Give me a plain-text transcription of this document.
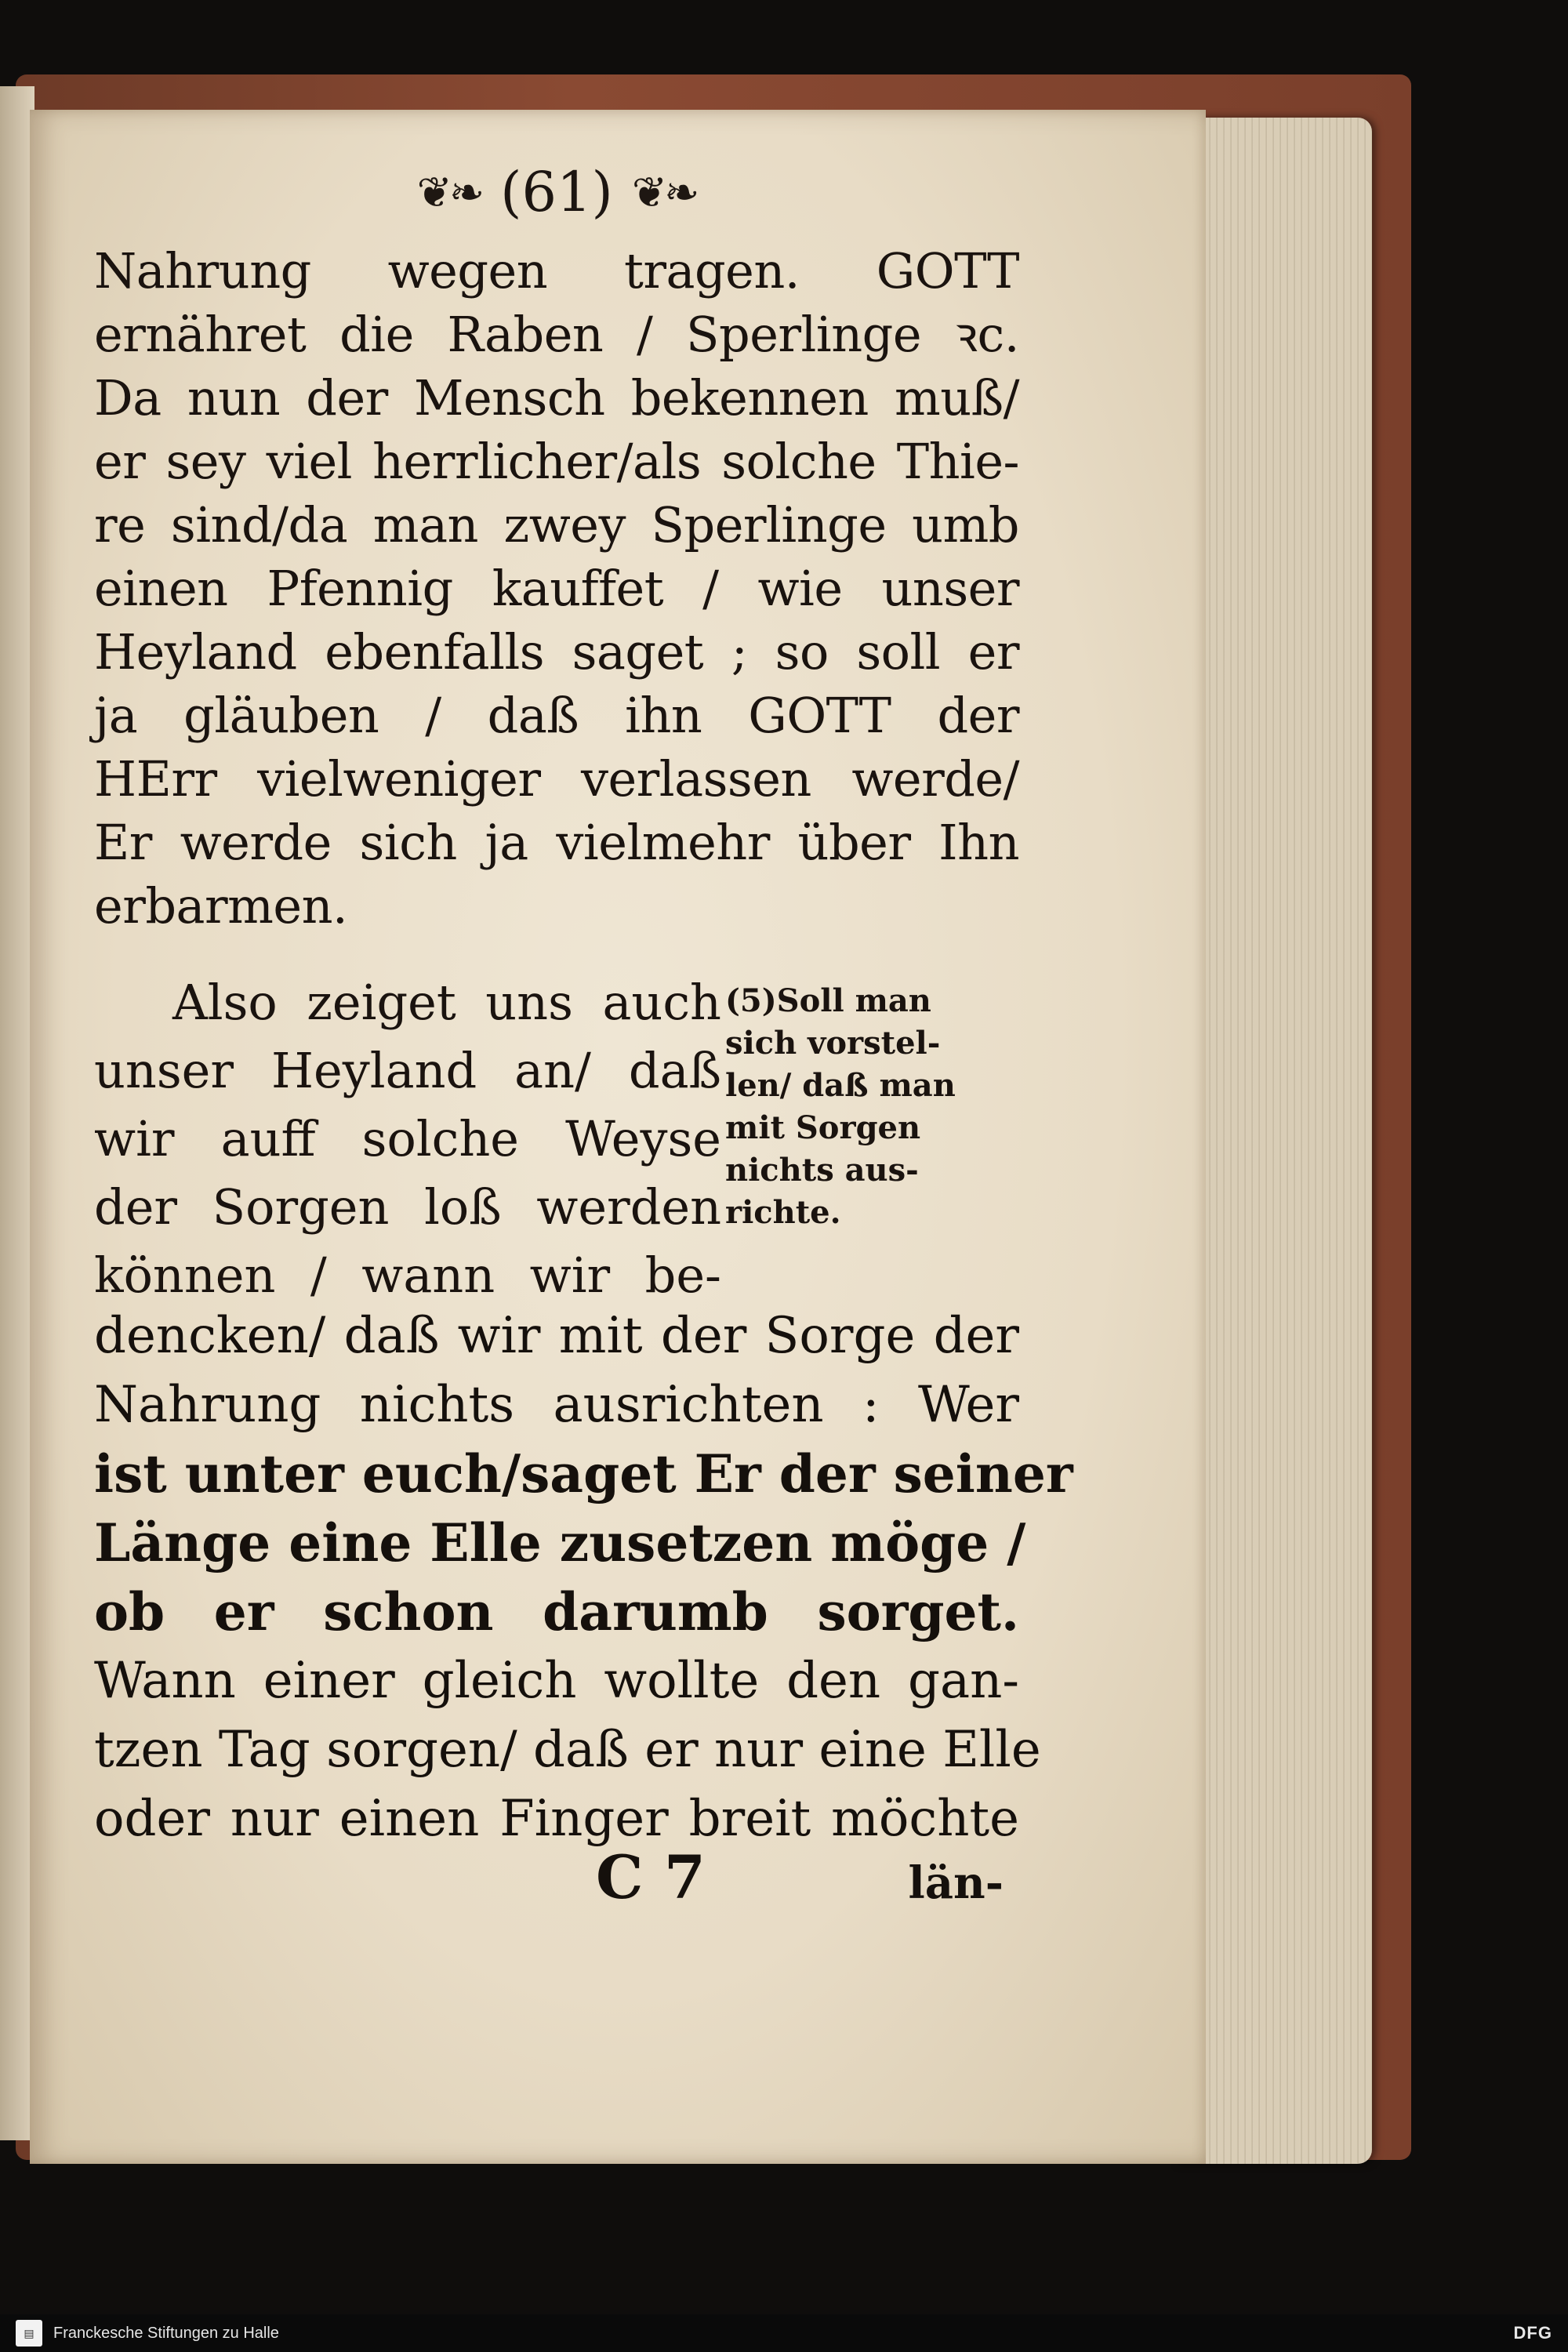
❦❧ (61) ❦❧
Nahrung wegen tragen. GOTT
ernähret die Raben / Sperlinge ꝛc.
Da nun der Mensch bekennen muß/
er sey viel herrlicher/als solche Thie-
re sind/da man zwey Sperlinge umb
einen Pfennig kauffet / wie unser
Heyland ebenfalls saget ; so soll er
ja gläuben / daß ihn GOTT der
HErr vielweniger verlassen werde/
Er werde sich ja vielmehr über Ihn
erbarmen.
Also zeiget uns auch
unser Heyland an/ daß
wir auff solche Weyse
der Sorgen loß werden
können / wann wir be-
(5)Soll man
sich vorstel-
len/ daß man
mit Sorgen
nichts aus-
richte.
dencken/ daß wir mit der Sorge der
Nahrung nichts ausrichten : Wer
ist unter euch/saget Er der seiner
Länge eine Elle zusetzen möge /
ob er schon darumb sorget.
Wann einer gleich wollte den gan-
tzen Tag sorgen/ daß er nur eine Elle
oder nur einen Finger breit möchte
C 7	län-
▤	Franckesche Stiftungen zu Halle	DFG
